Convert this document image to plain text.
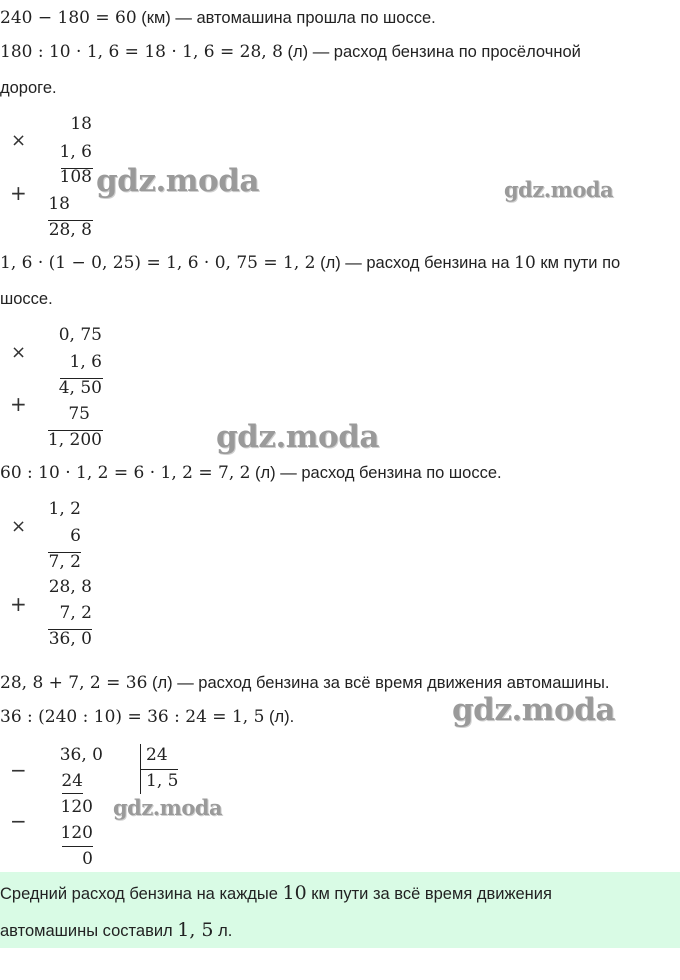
240 − 180 = 60 (км) — автомашина прошла по шоссе.
180 : 10 · 1, 6 = 18 · 1, 6 = 28, 8 (л) — расход бензина по просёлочной
дороге.
×
+
18
1, 6
108
18
28, 8
1, 6 · (1 − 0, 25) = 1, 6 · 0, 75 = 1, 2 (л) — расход бензина на 10 км пути по
шоссе.
×
+
0, 75
1, 6
4, 50
75
1, 200
60 : 10 · 1, 2 = 6 · 1, 2 = 7, 2 (л) — расход бензина по шоссе.
×
+
1, 2
6
7, 2
28, 8
7, 2
36, 0
28, 8 + 7, 2 = 36 (л) — расход бензина за всё время движения автомашины.
36 : (240 : 10) = 36 : 24 = 1, 5 (л).
−
−
36, 0	24
1, 5
24
120
120
0
Средний расход бензина на каждые 10 км пути за всё время движения
автомашины составил 1, 5 л.
gdz.moda	gdz.moda
gdz.moda
gdz.moda
gdz.moda
